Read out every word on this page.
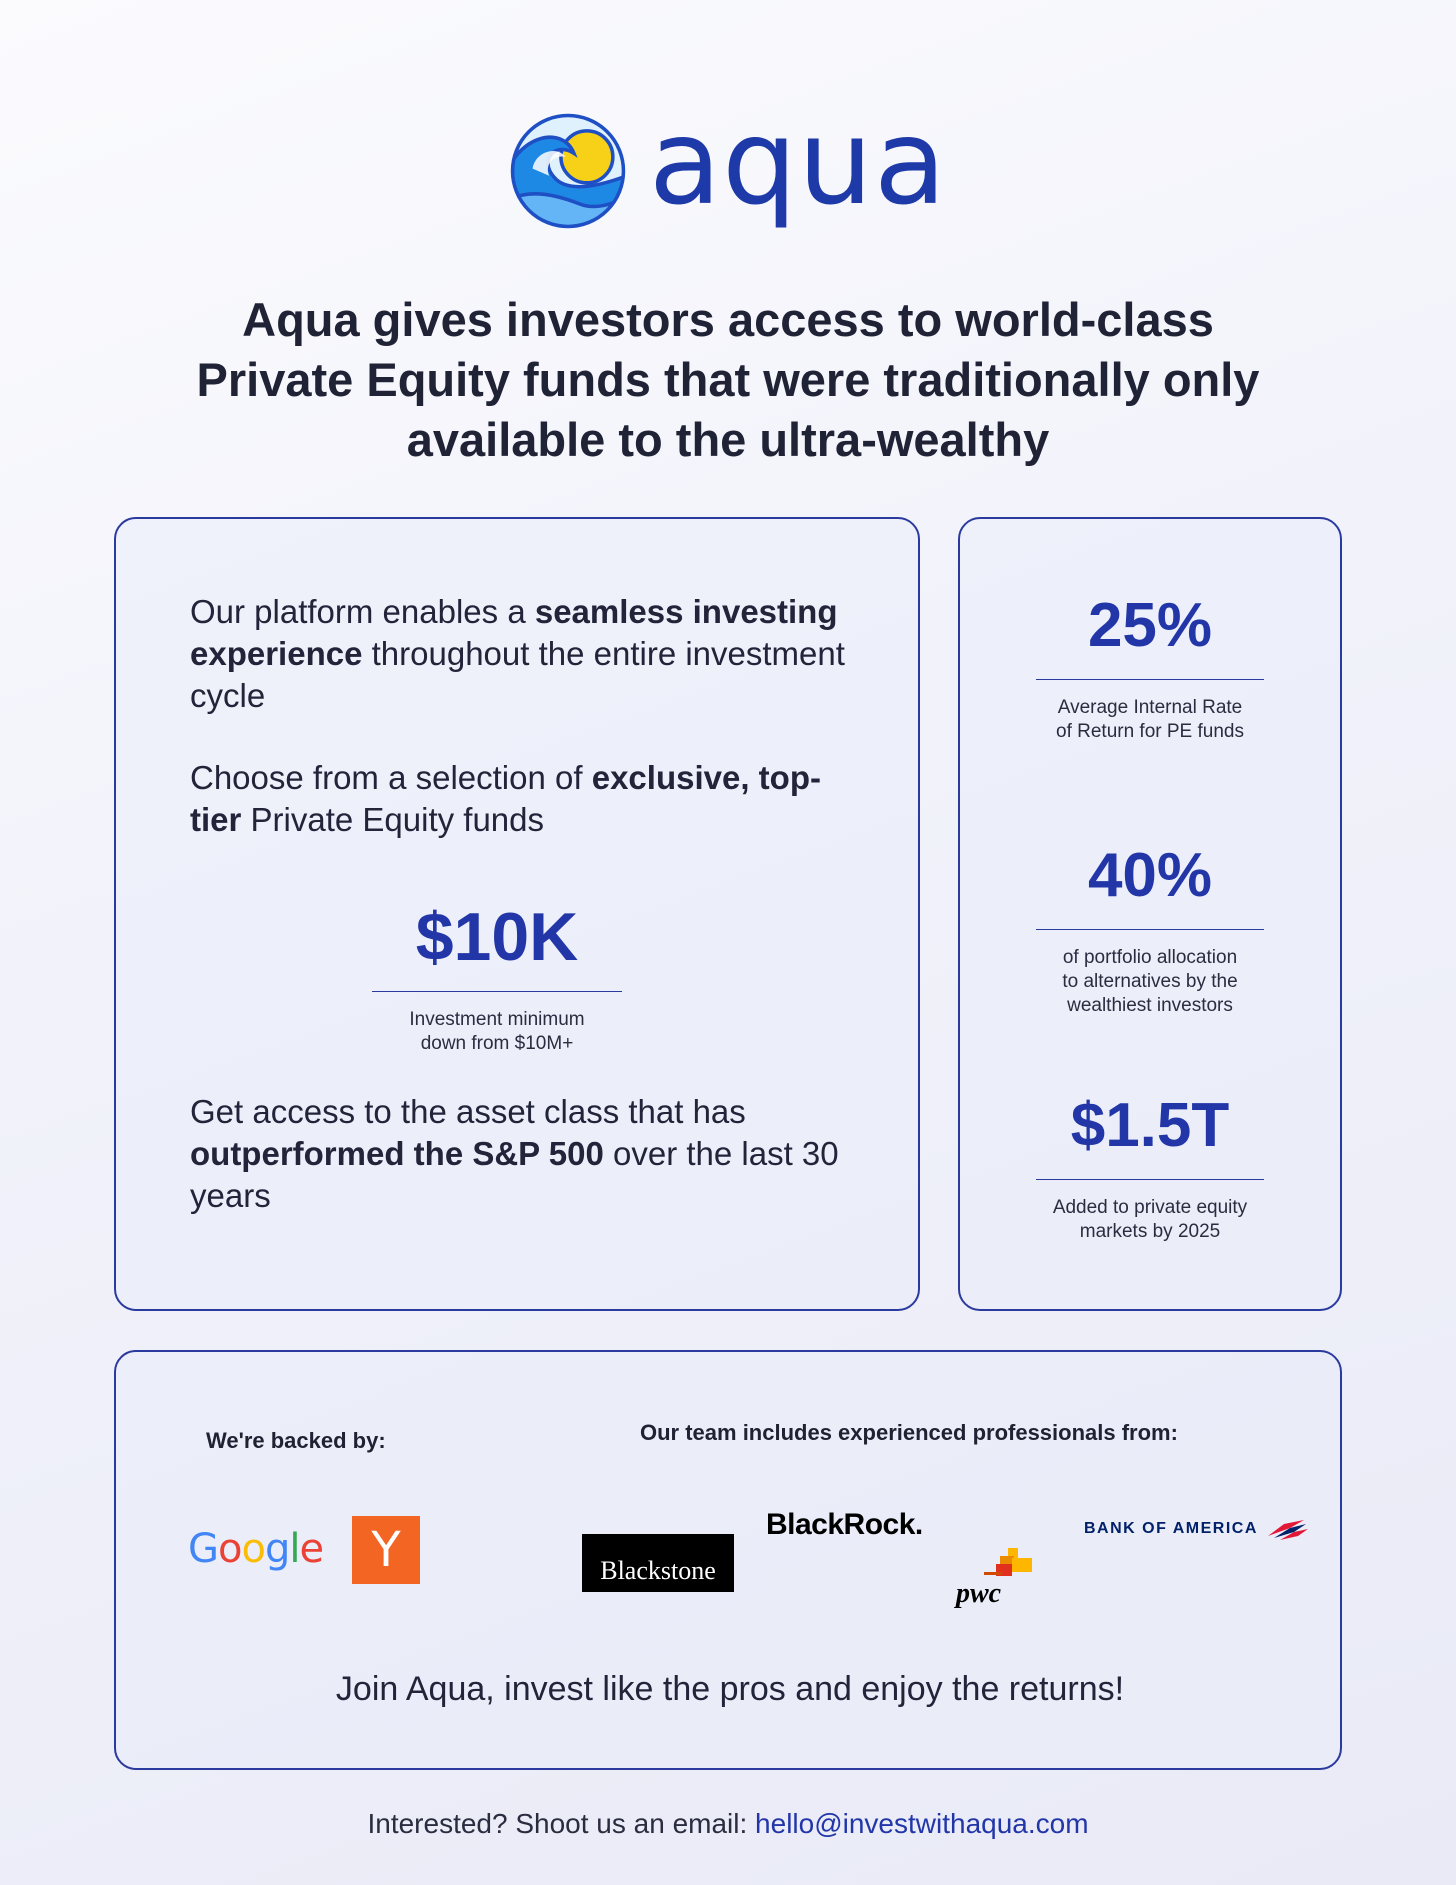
aqua
Aqua gives investors access to world-class
Private Equity funds that were traditionally only
available to the ultra-wealthy

Our platform enables a seamless investing experience throughout the entire investment cycle

Choose from a selection of exclusive, top-tier Private Equity funds

$10K
Investment minimum
down from $10M+

Get access to the asset class that has outperformed the S&P 500 over the last 30 years

25%
Average Internal Rate
of Return for PE funds
40%
of portfolio allocation
to alternatives by the
wealthiest investors
$1.5T
Added to private equity
markets by 2025
We're backed by:	Our team includes experienced professionals from:
Google	Y	Blackstone
BlackRock.
pwc
BANK OF AMERICA
Join Aqua, invest like the pros and enjoy the returns!
Interested? Shoot us an email: hello@investwithaqua.com
